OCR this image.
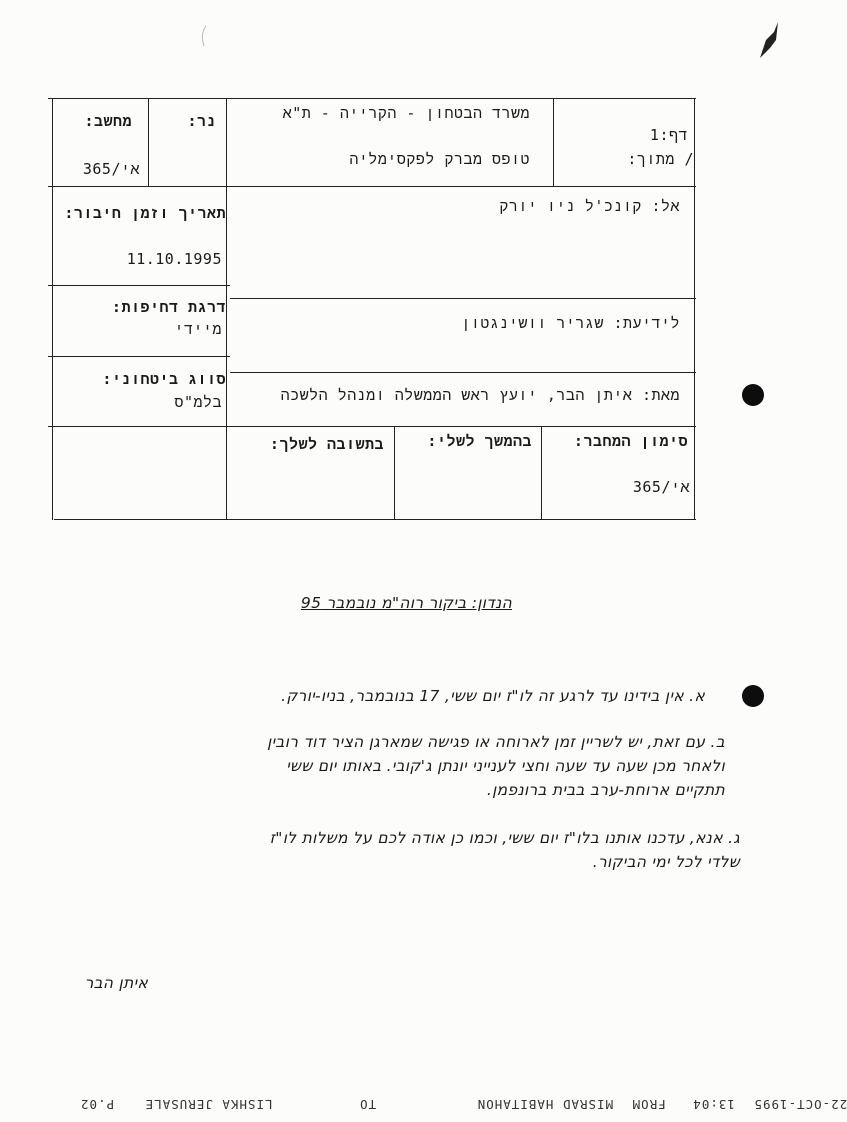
מחשב:
אי/365
נר:	משרד הבטחון - הקרייה - ת"א
טופס מברק לפקסימליה
דף:1
/ מתוך:
תאריך וזמן חיבור:
11.10.1995
אל: קונכ'ל ניו יורק
דרגת דחיפות:
מיידי	לידיעת: שגריר וושינגטון
סווג ביטחוני:
בלמ"ס	מאת: איתן הבר, יועץ ראש הממשלה ומנהל הלשכה
סימון המחבר:
אי/365
בהמשך לשלי:
בתשובה לשלך:
הנדון: ביקור רוה"מ נובמבר 95
א. אין בידינו עד לרגע זה לו"ז יום ששי, 17 בנובמבר, בניו-יורק.
ב. עם זאת, יש לשריין זמן לארוחה או פגישה שמארגן הציר דוד רובין
ולאחר מכן שעה עד שעה וחצי לענייני יונתן ג'קובי. באותו יום ששי
תתקיים ארוחת-ערב בבית ברונפמן.
ג. אנא, עדכנו אותנו בלו"ז יום ששי, וכמו כן אודה לכם על משלות לו"ז
שלדי לכל ימי הביקור.
איתן הבר
22-OCT-1995 13:04 FROM MISRAD HABITAHON TO LISHKA JERUSALE P.02
